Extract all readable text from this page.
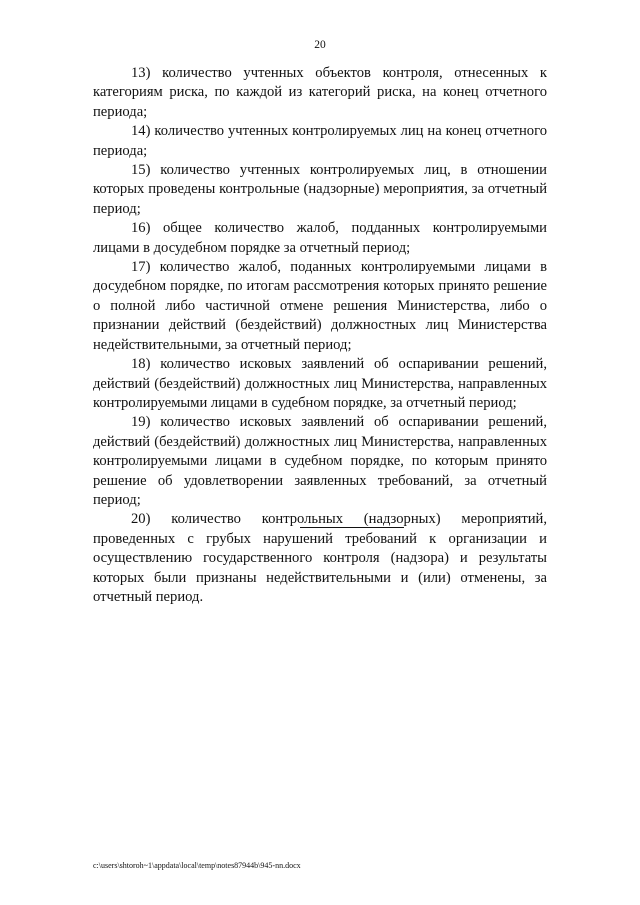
20

13) количество учтенных объектов контроля, отнесенных к категориям риска, по каждой из категорий риска, на конец отчетного периода;

14) количество учтенных контролируемых лиц на конец отчетного периода;

15) количество учтенных контролируемых лиц, в отношении которых проведены контрольные (надзорные) мероприятия, за отчетный период;

16) общее количество жалоб, подданных контролируемыми лицами в досудебном порядке за отчетный период;

17) количество жалоб, поданных контролируемыми лицами в досудебном порядке, по итогам рассмотрения которых принято решение о полной либо частичной отмене решения Министерства, либо о признании действий (бездействий) должностных лиц Министерства недействительными, за отчетный период;

18) количество исковых заявлений об оспаривании решений, действий (бездействий) должностных лиц Министерства, направленных контролируемыми лицами в судебном порядке, за отчетный период;

19) количество исковых заявлений об оспаривании решений, действий (бездействий) должностных лиц Министерства, направленных контролируемыми лицами в судебном порядке, по которым принято решение об удовлетворении заявленных требований, за отчетный период;

20) количество контрольных (надзорных) мероприятий, проведенных с грубых нарушений требований к организации и осуществлению государственного контроля (надзора) и результаты которых были признаны недействительными и (или) отменены, за отчетный период.

c:\users\shtoroh~1\appdata\local\temp\notes87944b\945-nn.docx
